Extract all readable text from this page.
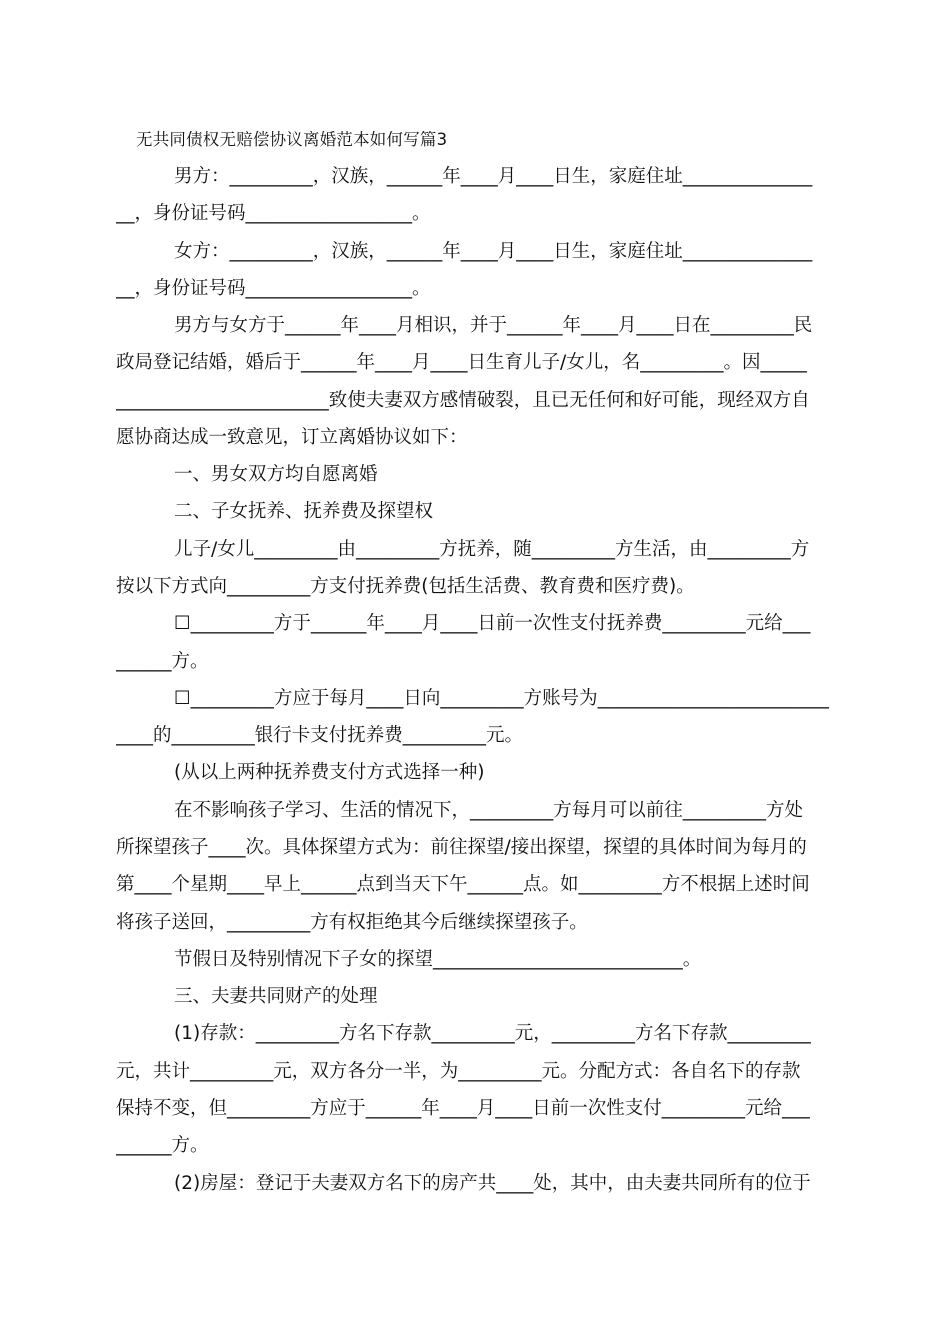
无共同债权无赔偿协议离婚范本如何写篇3
男方：_________，汉族，______年____月____日生，家庭住址______________
__，身份证号码__________________。
女方：_________，汉族，______年____月____日生，家庭住址______________
__，身份证号码__________________。
男方与女方于______年____月相识，并于______年____月____日在_________民
政局登记结婚，婚后于______年____月____日生育儿子/女儿，名_________。因_____
_______________________致使夫妻双方感情破裂，且已无任何和好可能，现经双方自
愿协商达成一致意见，订立离婚协议如下：
一、男女双方均自愿离婚
二、子女抚养、抚养费及探望权
儿子/女儿_________由_________方抚养，随_________方生活，由_________方
按以下方式向_________方支付抚养费(包括生活费、教育费和医疗费)。
☐_________方于______年____月____日前一次性支付抚养费_________元给___
______方。
☐_________方应于每月____日向_________方账号为_________________________
____的_________银行卡支付抚养费_________元。
(从以上两种抚养费支付方式选择一种)
在不影响孩子学习、生活的情况下，_________方每月可以前往_________方处
所探望孩子____次。具体探望方式为：前往探望/接出探望，探望的具体时间为每月的
第____个星期____早上______点到当天下午______点。如_________方不根据上述时间
将孩子送回，_________方有权拒绝其今后继续探望孩子。
节假日及特别情况下子女的探望___________________________。
三、夫妻共同财产的处理
(1)存款：_________方名下存款_________元，_________方名下存款_________
元，共计_________元，双方各分一半，为_________元。分配方式：各自名下的存款
保持不变，但_________方应于______年____月____日前一次性支付_________元给___
______方。
(2)房屋：登记于夫妻双方名下的房产共____处，其中，由夫妻共同所有的位于
